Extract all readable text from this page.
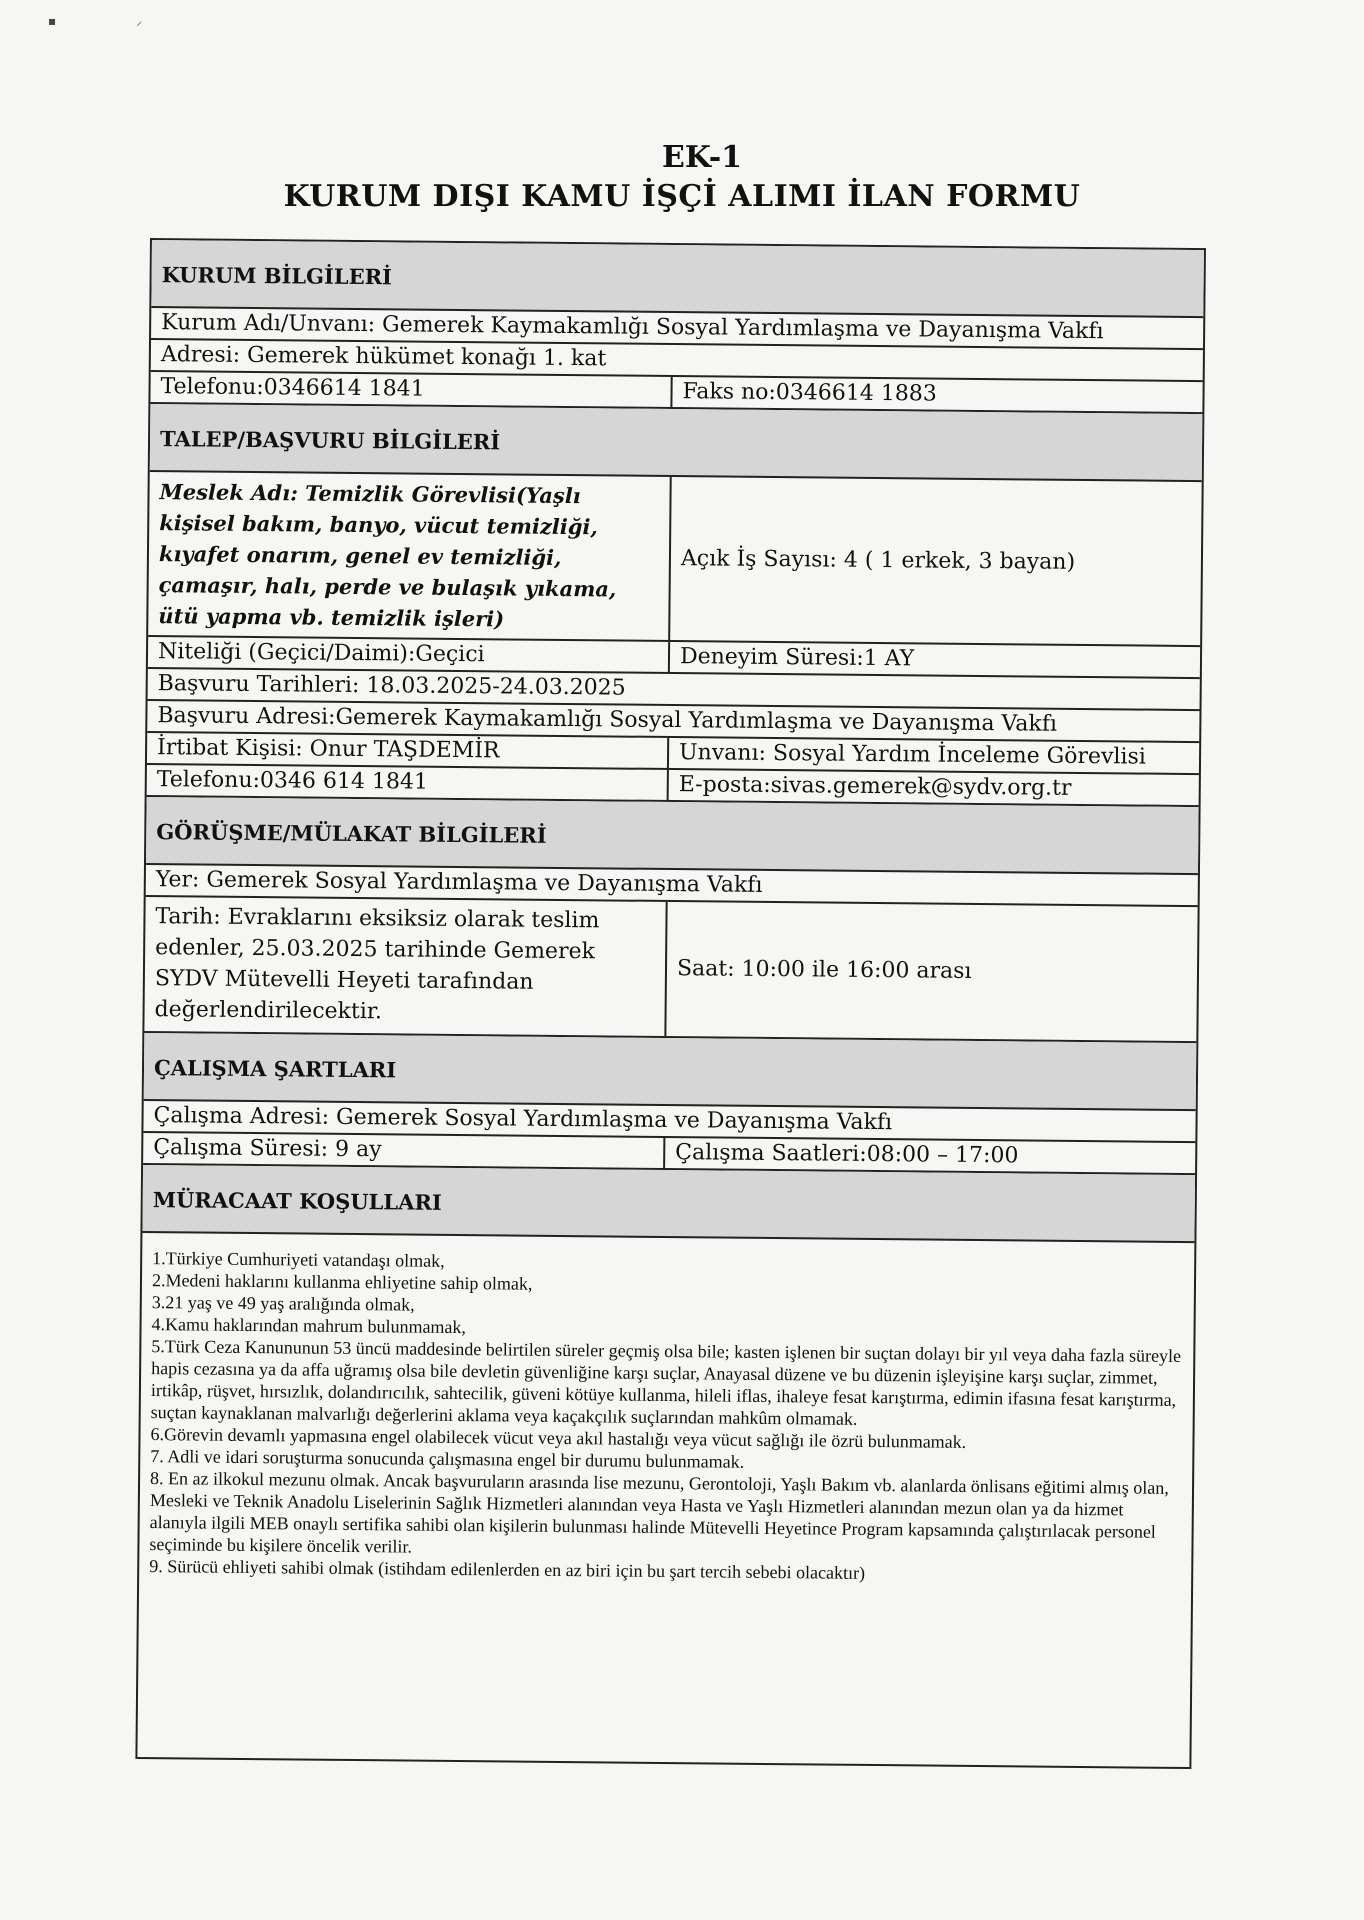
▪                     ⸝
EK-1
KURUM DIŞI KAMU İŞÇİ ALIMI İLAN FORMU
KURUM BİLGİLERİ
Kurum Adı/Unvanı: Gemerek Kaymakamlığı Sosyal Yardımlaşma ve Dayanışma Vakfı
Adresi: Gemerek hükümet konağı 1. kat
Telefonu:0346614 1841	Faks no:0346614 1883
TALEP/BAŞVURU BİLGİLERİ
Meslek Adı: Temizlik Görevlisi(Yaşlı kişisel bakım, banyo, vücut temizliği, kıyafet onarım, genel ev temizliği, çamaşır, halı, perde ve bulaşık yıkama, ütü yapma vb. temizlik işleri)
Açık İş Sayısı: 4 ( 1 erkek, 3 bayan)
Niteliği (Geçici/Daimi):Geçici	Deneyim Süresi:1 AY
Başvuru Tarihleri: 18.03.2025-24.03.2025
Başvuru Adresi:Gemerek Kaymakamlığı Sosyal Yardımlaşma ve Dayanışma Vakfı
İrtibat Kişisi: Onur TAŞDEMİR	Unvanı: Sosyal Yardım İnceleme Görevlisi
Telefonu:0346 614 1841	E-posta:sivas.gemerek@sydv.org.tr
GÖRÜŞME/MÜLAKAT BİLGİLERİ
Yer: Gemerek Sosyal Yardımlaşma ve Dayanışma Vakfı
Tarih: Evraklarını eksiksiz olarak teslim edenler, 25.03.2025 tarihinde Gemerek SYDV Mütevelli Heyeti tarafından değerlendirilecektir.
Saat: 10:00 ile 16:00 arası
ÇALIŞMA ŞARTLARI
Çalışma Adresi: Gemerek Sosyal Yardımlaşma ve Dayanışma Vakfı
Çalışma Süresi: 9 ay	Çalışma Saatleri:08:00 – 17:00
MÜRACAAT KOŞULLARI
1.Türkiye Cumhuriyeti vatandaşı olmak,
2.Medeni haklarını kullanma ehliyetine sahip olmak,
3.21 yaş ve 49 yaş aralığında olmak,
4.Kamu haklarından mahrum bulunmamak,
5.Türk Ceza Kanununun 53 üncü maddesinde belirtilen süreler geçmiş olsa bile; kasten işlenen bir suçtan dolayı bir yıl veya daha fazla süreyle hapis cezasına ya da affa uğramış olsa bile devletin güvenliğine karşı suçlar, Anayasal düzene ve bu düzenin işleyişine karşı suçlar, zimmet, irtikâp, rüşvet, hırsızlık, dolandırıcılık, sahtecilik, güveni kötüye kullanma, hileli iflas, ihaleye fesat karıştırma, edimin ifasına fesat karıştırma, suçtan kaynaklanan malvarlığı değerlerini aklama veya kaçakçılık suçlarından mahkûm olmamak.
6.Görevin devamlı yapmasına engel olabilecek vücut veya akıl hastalığı veya vücut sağlığı ile özrü bulunmamak.
7. Adli ve idari soruşturma sonucunda çalışmasına engel bir durumu bulunmamak.
8. En az ilkokul mezunu olmak. Ancak başvuruların arasında lise mezunu, Gerontoloji, Yaşlı Bakım vb. alanlarda önlisans eğitimi almış olan, Mesleki ve Teknik Anadolu Liselerinin Sağlık Hizmetleri alanından veya Hasta ve Yaşlı Hizmetleri alanından mezun olan ya da hizmet alanıyla ilgili MEB onaylı sertifika sahibi olan kişilerin bulunması halinde Mütevelli Heyetince Program kapsamında çalıştırılacak personel seçiminde bu kişilere öncelik verilir.
9. Sürücü ehliyeti sahibi olmak (istihdam edilenlerden en az biri için bu şart tercih sebebi olacaktır)
